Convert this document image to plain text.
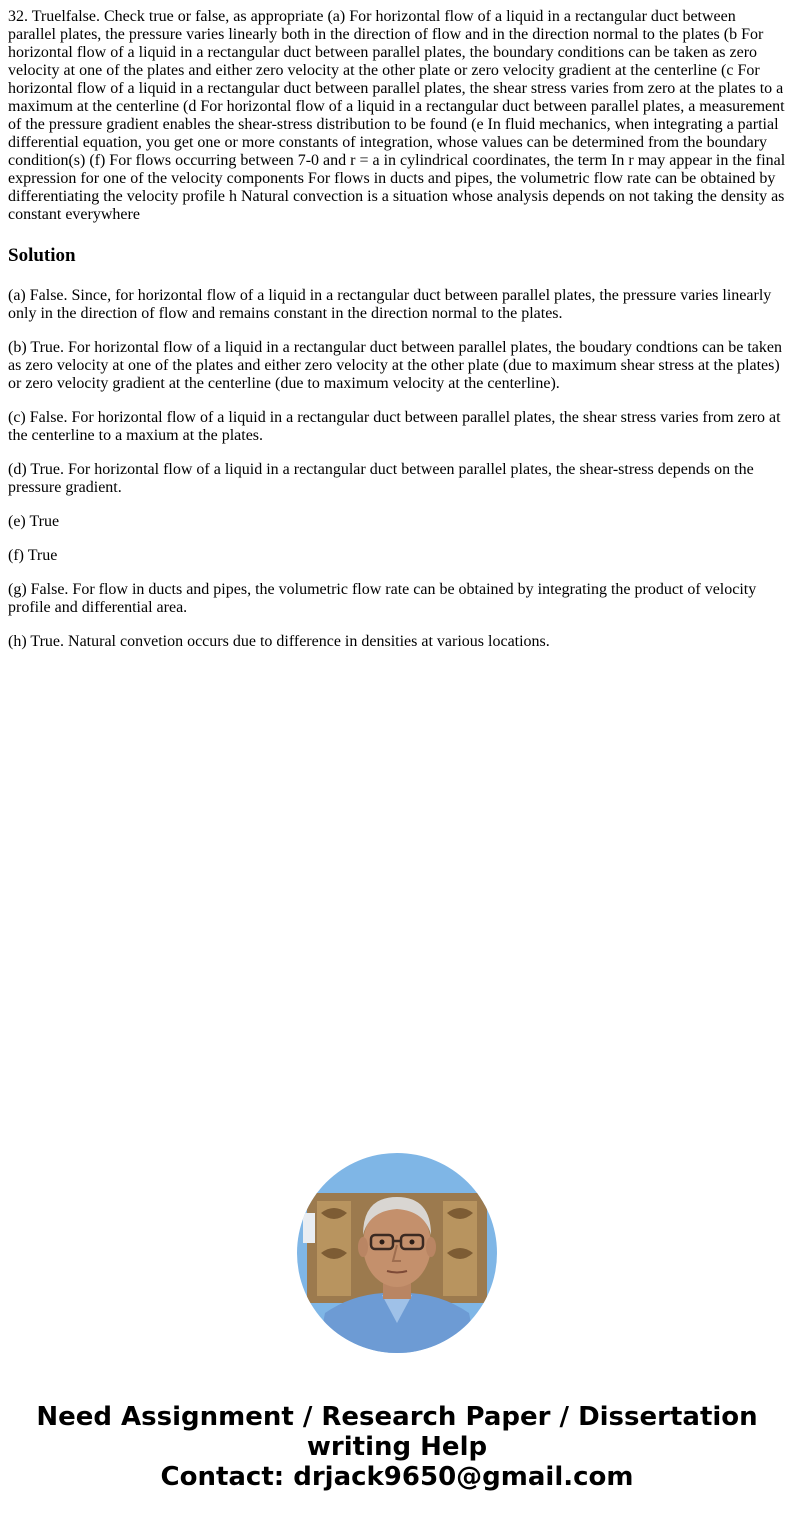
32. Truelfalse. Check true or false, as appropriate (a) For horizontal flow of a liquid in a rectangular duct between parallel plates, the pressure varies linearly both in the direction of flow and in the direction normal to the plates (b For horizontal flow of a liquid in a rectangular duct between parallel plates, the boundary conditions can be taken as zero velocity at one of the plates and either zero velocity at the other plate or zero velocity gradient at the centerline (c For horizontal flow of a liquid in a rectangular duct between parallel plates, the shear stress varies from zero at the plates to a maximum at the centerline (d For horizontal flow of a liquid in a rectangular duct between parallel plates, a measurement of the pressure gradient enables the shear-stress distribution to be found (e In fluid mechanics, when integrating a partial differential equation, you get one or more constants of integration, whose values can be determined from the boundary condition(s) (f) For flows occurring between 7-0 and r = a in cylindrical coordinates, the term In r may appear in the final expression for one of the velocity components For flows in ducts and pipes, the volumetric flow rate can be obtained by differentiating the velocity profile h Natural convection is a situation whose analysis depends on not taking the density as constant everywhere

Solution

(a) False. Since, for horizontal flow of a liquid in a rectangular duct between parallel plates, the pressure varies linearly only in the direction of flow and remains constant in the direction normal to the plates.

(b) True. For horizontal flow of a liquid in a rectangular duct between parallel plates, the boudary condtions can be taken as zero velocity at one of the plates and either zero velocity at the other plate (due to maximum shear stress at the plates) or zero velocity gradient at the centerline (due to maximum velocity at the centerline).

(c) False. For horizontal flow of a liquid in a rectangular duct between parallel plates, the shear stress varies from zero at the centerline to a maxium at the plates.

(d) True. For horizontal flow of a liquid in a rectangular duct between parallel plates, the shear-stress depends on the pressure gradient.

(e) True

(f) True

(g) False. For flow in ducts and pipes, the volumetric flow rate can be obtained by integrating the product of velocity profile and differential area.

(h) True. Natural convetion occurs due to difference in densities at various locations.

Need Assignment / Research Paper / Dissertation
writing Help
Contact: drjack9650@gmail.com
